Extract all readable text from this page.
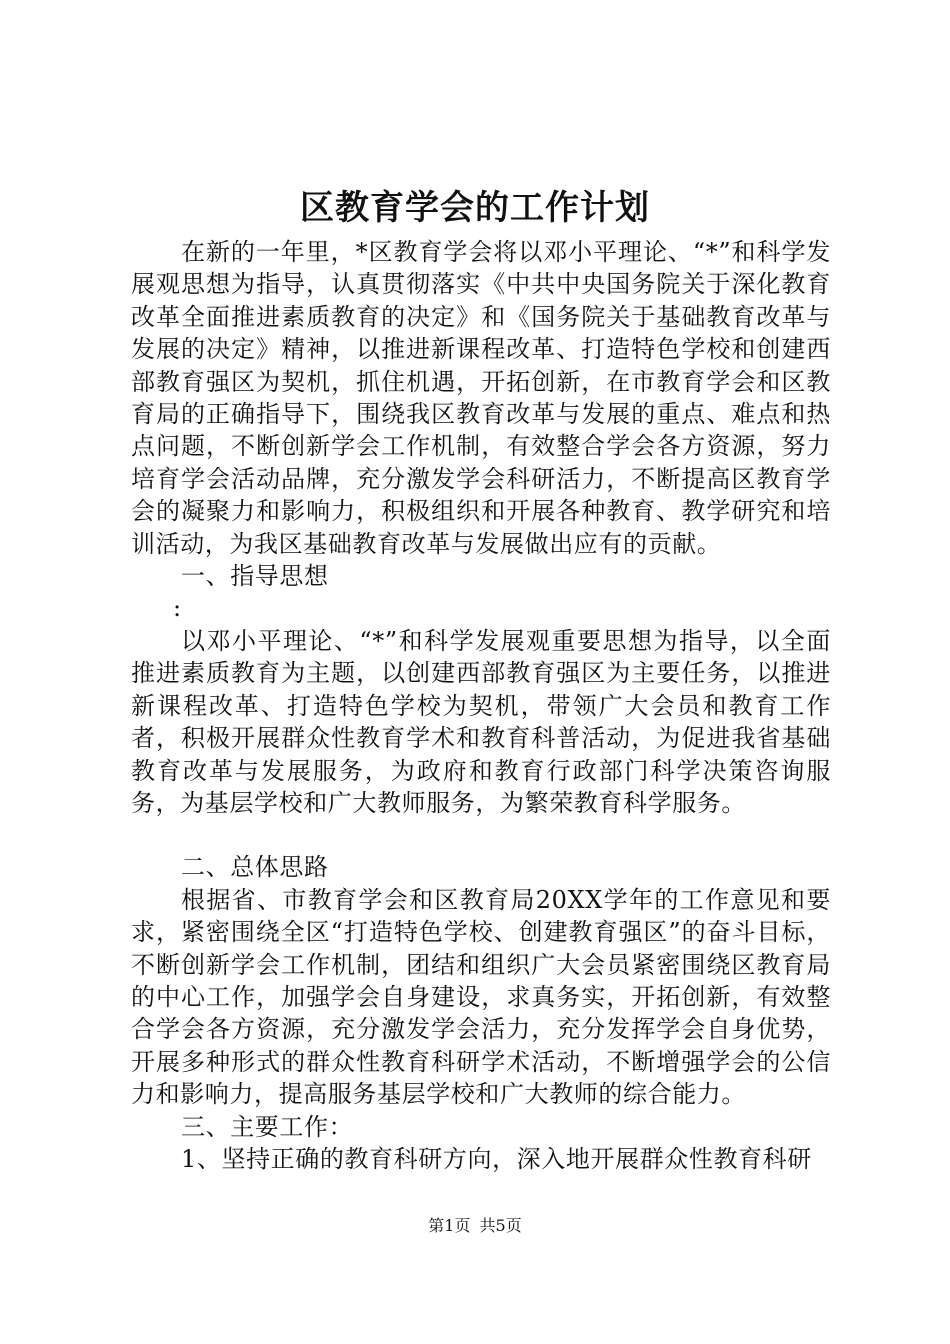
区教育学会的工作计划

在新的一年里，*区教育学会将以邓小平理论、“*”和科学发展观思想为指导，认真贯彻落实《中共中央国务院关于深化教育改革全面推进素质教育的决定》和《国务院关于基础教育改革与发展的决定》精神，以推进新课程改革、打造特色学校和创建西部教育强区为契机，抓住机遇，开拓创新，在市教育学会和区教育局的正确指导下，围绕我区教育改革与发展的重点、难点和热点问题，不断创新学会工作机制，有效整合学会各方资源，努力培育学会活动品牌，充分激发学会科研活力，不断提高区教育学会的凝聚力和影响力，积极组织和开展各种教育、教学研究和培训活动，为我区基础教育改革与发展做出应有的贡献。

一、指导思想

:

以邓小平理论、“*”和科学发展观重要思想为指导，以全面推进素质教育为主题，以创建西部教育强区为主要任务，以推进新课程改革、打造特色学校为契机，带领广大会员和教育工作者，积极开展群众性教育学术和教育科普活动，为促进我省基础教育改革与发展服务，为政府和教育行政部门科学决策咨询服务，为基层学校和广大教师服务，为繁荣教育科学服务。

二、总体思路

根据省、市教育学会和区教育局20XX学年的工作意见和要求，紧密围绕全区“打造特色学校、创建教育强区”的奋斗目标，不断创新学会工作机制，团结和组织广大会员紧密围绕区教育局的中心工作，加强学会自身建设，求真务实，开拓创新，有效整合学会各方资源，充分激发学会活力，充分发挥学会自身优势，开展多种形式的群众性教育科研学术活动，不断增强学会的公信力和影响力，提高服务基层学校和广大教师的综合能力。

三、主要工作：

1、坚持正确的教育科研方向，深入地开展群众性教育科研

第1页 共5页
